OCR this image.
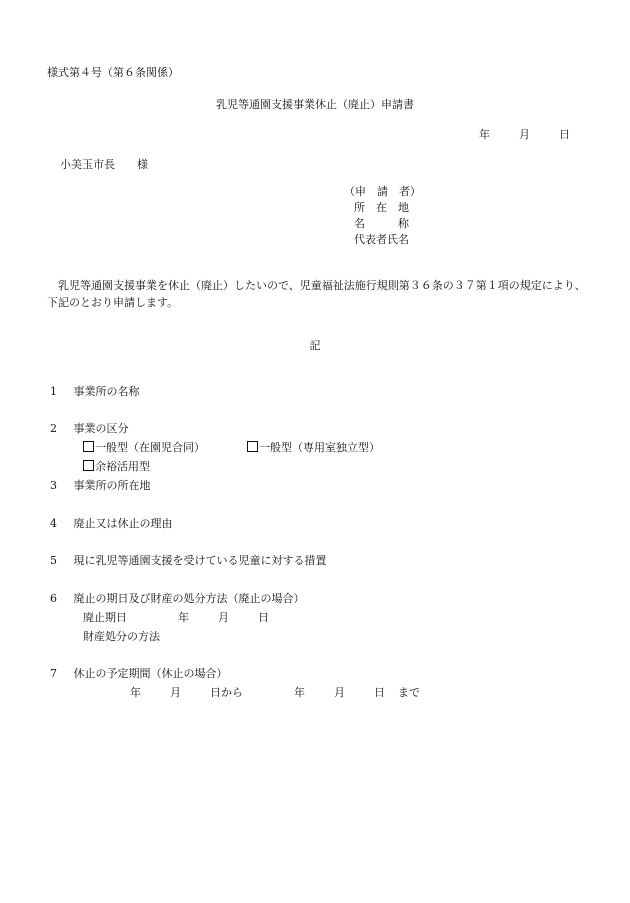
様式第４号（第６条関係）
乳児等通園支援事業休止（廃止）申請書
年	月	日
小美玉市長　　様
（申　請　者）
所　在　地
名　　　称
代表者氏名
乳児等通園支援事業を休止（廃止）したいので、児童福祉法施行規則第３６条の３７第１項の規定により、下記のとおり申請します。
記
1 事業所の名称
2 事業の区分
一般型（在園児合同）	一般型（専用室独立型）
余裕活用型
3 事業所の所在地
4 廃止又は休止の理由
5 現に乳児等通園支援を受けている児童に対する措置
6 廃止の期日及び財産の処分方法（廃止の場合）
廃止期日	年	月	日
財産処分の方法
7 休止の予定期間（休止の場合）
年	月	日から	年	月	日 まで
